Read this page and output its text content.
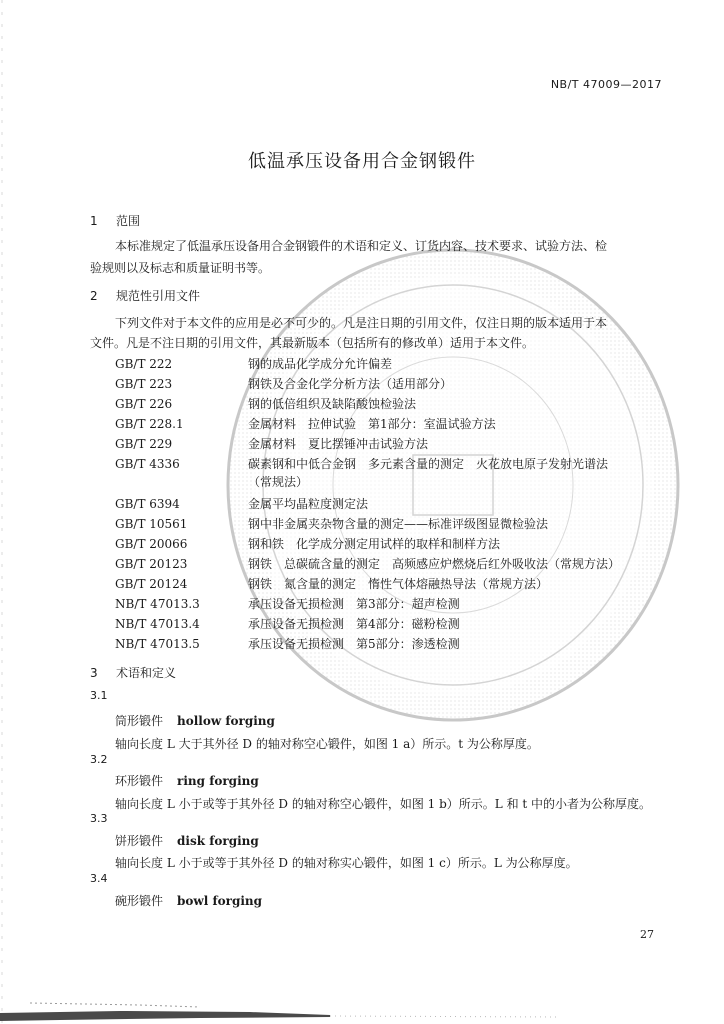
NB/T 47009—2017
低温承压设备用合金钢锻件
1 范围
本标准规定了低温承压设备用合金钢锻件的术语和定义、订货内容、技术要求、试验方法、检
验规则以及标志和质量证明书等。
2 规范性引用文件
下列文件对于本文件的应用是必不可少的。凡是注日期的引用文件，仅注日期的版本适用于本
文件。凡是不注日期的引用文件，其最新版本（包括所有的修改单）适用于本文件。
GB/T 222	钢的成品化学成分允许偏差
GB/T 223	钢铁及合金化学分析方法（适用部分）
GB/T 226	钢的低倍组织及缺陷酸蚀检验法
GB/T 228.1	金属材料　拉伸试验　第1部分：室温试验方法
GB/T 229	金属材料　夏比摆锤冲击试验方法
GB/T 4336	碳素钢和中低合金钢　多元素含量的测定　火花放电原子发射光谱法
（常规法）
GB/T 6394	金属平均晶粒度测定法
GB/T 10561	钢中非金属夹杂物含量的测定——标准评级图显微检验法
GB/T 20066	钢和铁　化学成分测定用试样的取样和制样方法
GB/T 20123	钢铁　总碳硫含量的测定　高频感应炉燃烧后红外吸收法（常规方法）
GB/T 20124	钢铁　氮含量的测定　惰性气体熔融热导法（常规方法）
NB/T 47013.3	承压设备无损检测　第3部分：超声检测
NB/T 47013.4	承压设备无损检测　第4部分：磁粉检测
NB/T 47013.5	承压设备无损检测　第5部分：渗透检测
3 术语和定义
3.1
筒形锻件 hollow forging
轴向长度 L 大于其外径 D 的轴对称空心锻件，如图 1 a）所示。t 为公称厚度。
3.2
环形锻件 ring forging
轴向长度 L 小于或等于其外径 D 的轴对称空心锻件，如图 1 b）所示。L 和 t 中的小者为公称厚度。
3.3
饼形锻件 disk forging
轴向长度 L 小于或等于其外径 D 的轴对称实心锻件，如图 1 c）所示。L 为公称厚度。
3.4
碗形锻件 bowl forging
27
